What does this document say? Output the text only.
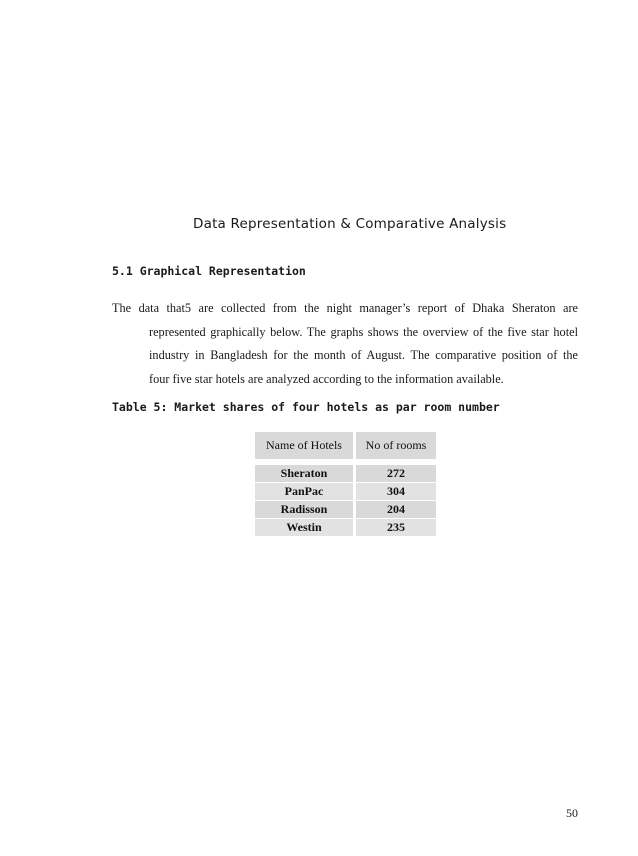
Data Representation & Comparative Analysis
5.1 Graphical Representation
The data that5 are collected from the night manager’s report of Dhaka Sheraton are
represented graphically below. The graphs shows the overview of the five star hotel
industry in Bangladesh for the month of August. The comparative position of the
four five star hotels are analyzed according to the information available.
Table 5: Market shares of four hotels as par room number
Name of Hotels	No of rooms

Sheraton	272
PanPac	304
Radisson	204
Westin	235
50
